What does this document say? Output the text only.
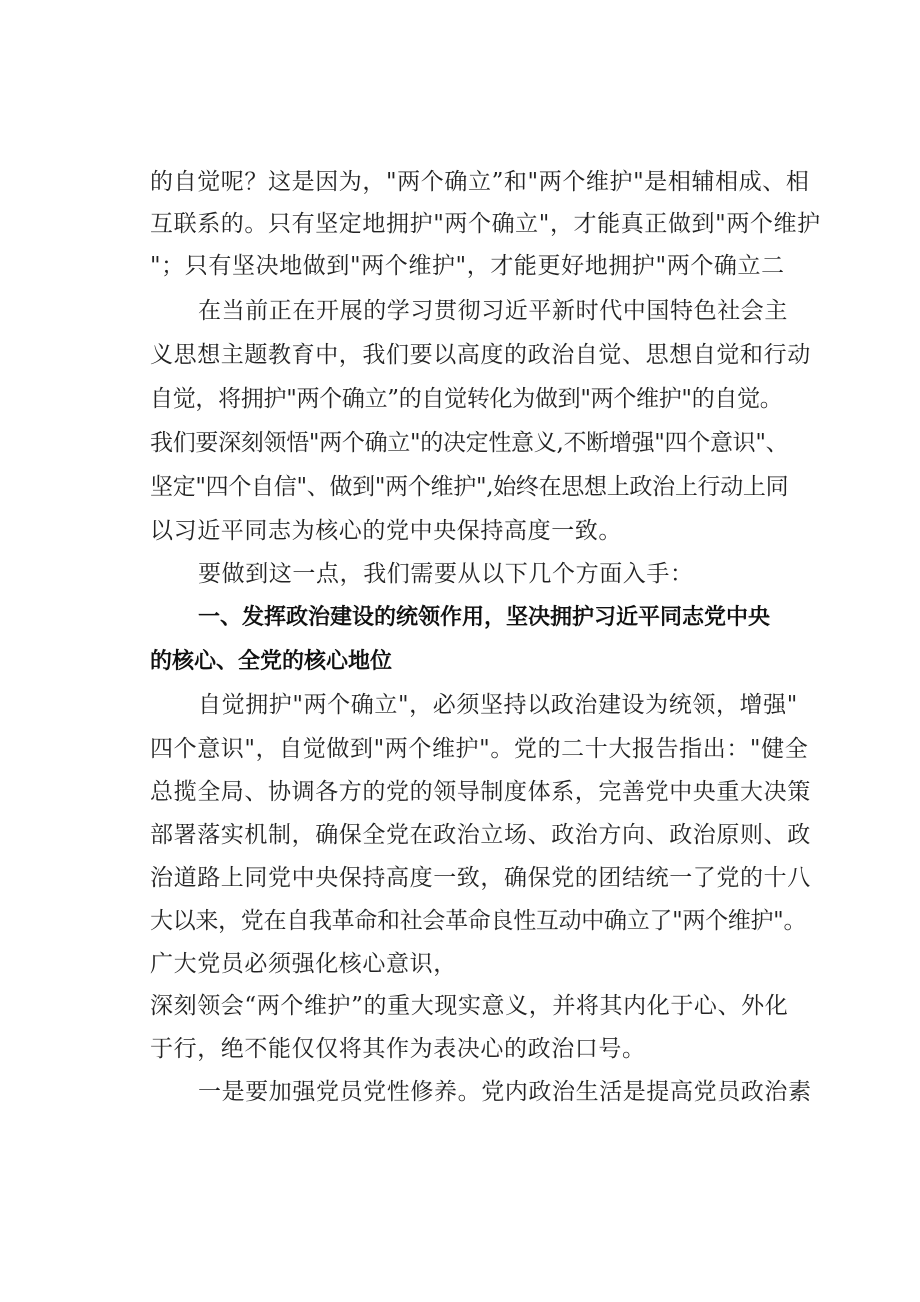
的自觉呢？这是因为，"两个确立”和"两个维护"是相辅相成、相
互联系的。只有坚定地拥护"两个确立"，才能真正做到"两个维护
"；只有坚决地做到"两个维护"，才能更好地拥护"两个确立二
在当前正在开展的学习贯彻习近平新时代中国特色社会主
义思想主题教育中，我们要以高度的政治自觉、思想自觉和行动
自觉，将拥护"两个确立”的自觉转化为做到"两个维护"的自觉。
我们要深刻领悟"两个确立"的决定性意义,不断增强"四个意识"、
坚定"四个自信"、做到"两个维护",始终在思想上政治上行动上同
以习近平同志为核心的党中央保持高度一致。
要做到这一点，我们需要从以下几个方面入手：
一、发挥政治建设的统领作用，坚决拥护习近平同志党中央
的核心、全党的核心地位
自觉拥护"两个确立"，必须坚持以政治建设为统领，增强"
四个意识"，自觉做到"两个维护"。党的二十大报告指出："健全
总揽全局、协调各方的党的领导制度体系，完善党中央重大决策
部署落实机制，确保全党在政治立场、政治方向、政治原则、政
治道路上同党中央保持高度一致，确保党的团结统一了党的十八
大以来，党在自我革命和社会革命良性互动中确立了"两个维护"。
广大党员必须强化核心意识，
深刻领会“两个维护”的重大现实意义，并将其内化于心、外化
于行，绝不能仅仅将其作为表决心的政治口号。
一是要加强党员党性修养。党内政治生活是提高党员政治素
